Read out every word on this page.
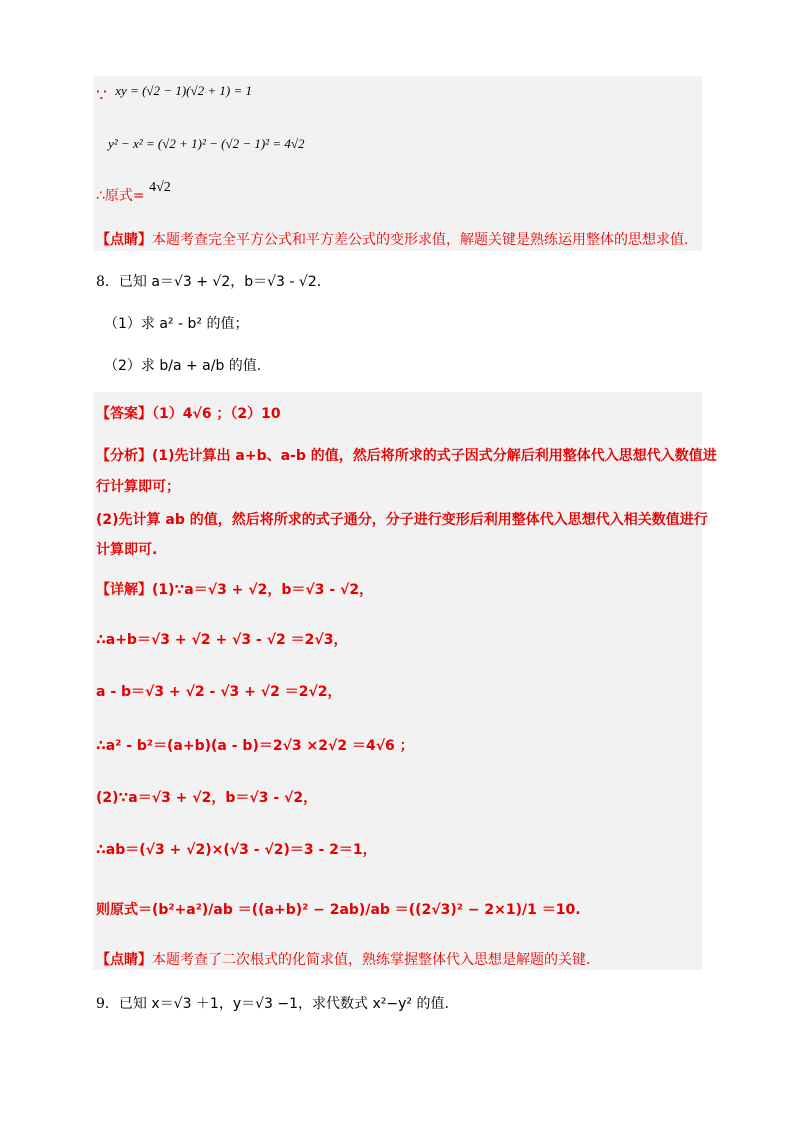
∵ xy = (√2 − 1)(√2 + 1) = 1
y² − x² = (√2 + 1)² − (√2 − 1)² = 4√2
∴原式= 4√2
【点睛】本题考查完全平方公式和平方差公式的变形求值，解题关键是熟练运用整体的思想求值.
8．已知 a＝√3 + √2，b＝√3 - √2．
（1）求 a² - b² 的值；
（2）求 b/a + a/b 的值.
【答案】（1）4√6 ；（2）10
【分析】(1)先计算出 a+b、a-b 的值，然后将所求的式子因式分解后利用整体代入思想代入数值进
行计算即可；
(2)先计算 ab 的值，然后将所求的式子通分，分子进行变形后利用整体代入思想代入相关数值进行
计算即可.
【详解】(1)∵a＝√3 + √2，b＝√3 - √2，
∴a+b＝√3 + √2 + √3 - √2 ＝2√3，
a - b＝√3 + √2 - √3 + √2 ＝2√2，
∴a² - b²＝(a+b)(a - b)＝2√3 ×2√2 ＝4√6 ；
(2)∵a＝√3 + √2，b＝√3 - √2，
∴ab＝(√3 + √2)×(√3 - √2)＝3 - 2＝1，
则原式＝(b²+a²)/ab ＝((a+b)² − 2ab)/ab ＝((2√3)² − 2×1)/1 ＝10.
【点睛】本题考查了二次根式的化简求值，熟练掌握整体代入思想是解题的关键.
9．已知 x＝√3 ＋1，y＝√3 −1，求代数式 x²−y² 的值.
